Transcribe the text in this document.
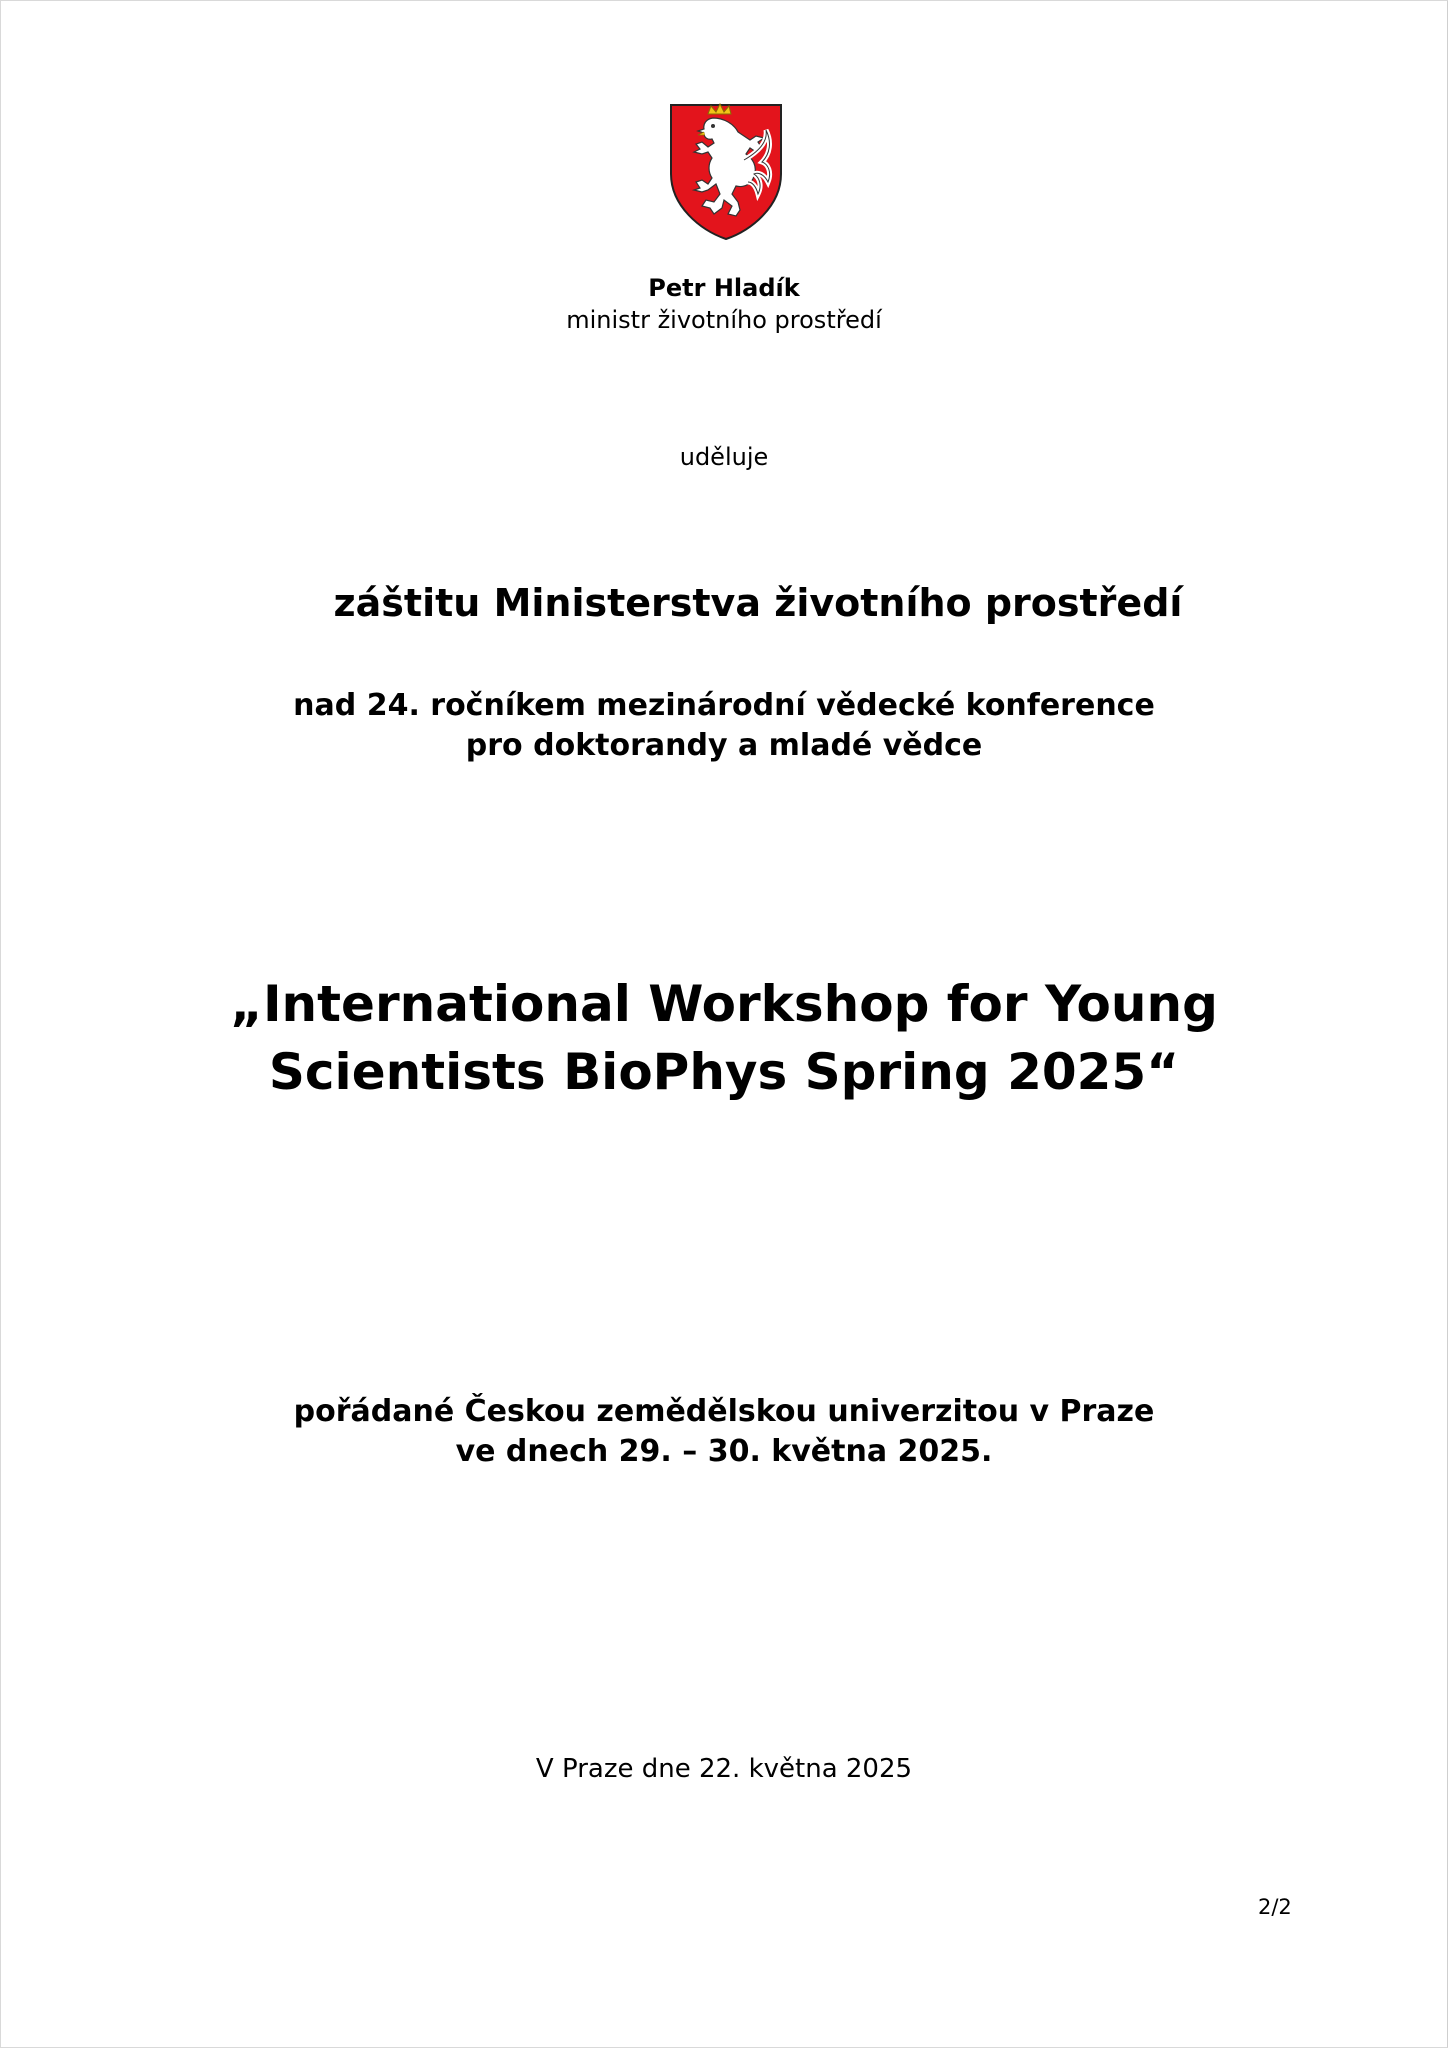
Petr Hladík
ministr životního prostředí
uděluje
záštitu Ministerstva životního prostředí
nad 24. ročníkem mezinárodní vědecké konference
pro doktorandy a mladé vědce
„International Workshop for Young
Scientists BioPhys Spring 2025“
pořádané Českou zemědělskou univerzitou v Praze
ve dnech 29. – 30. května 2025.
V Praze dne 22. května 2025
2/2
